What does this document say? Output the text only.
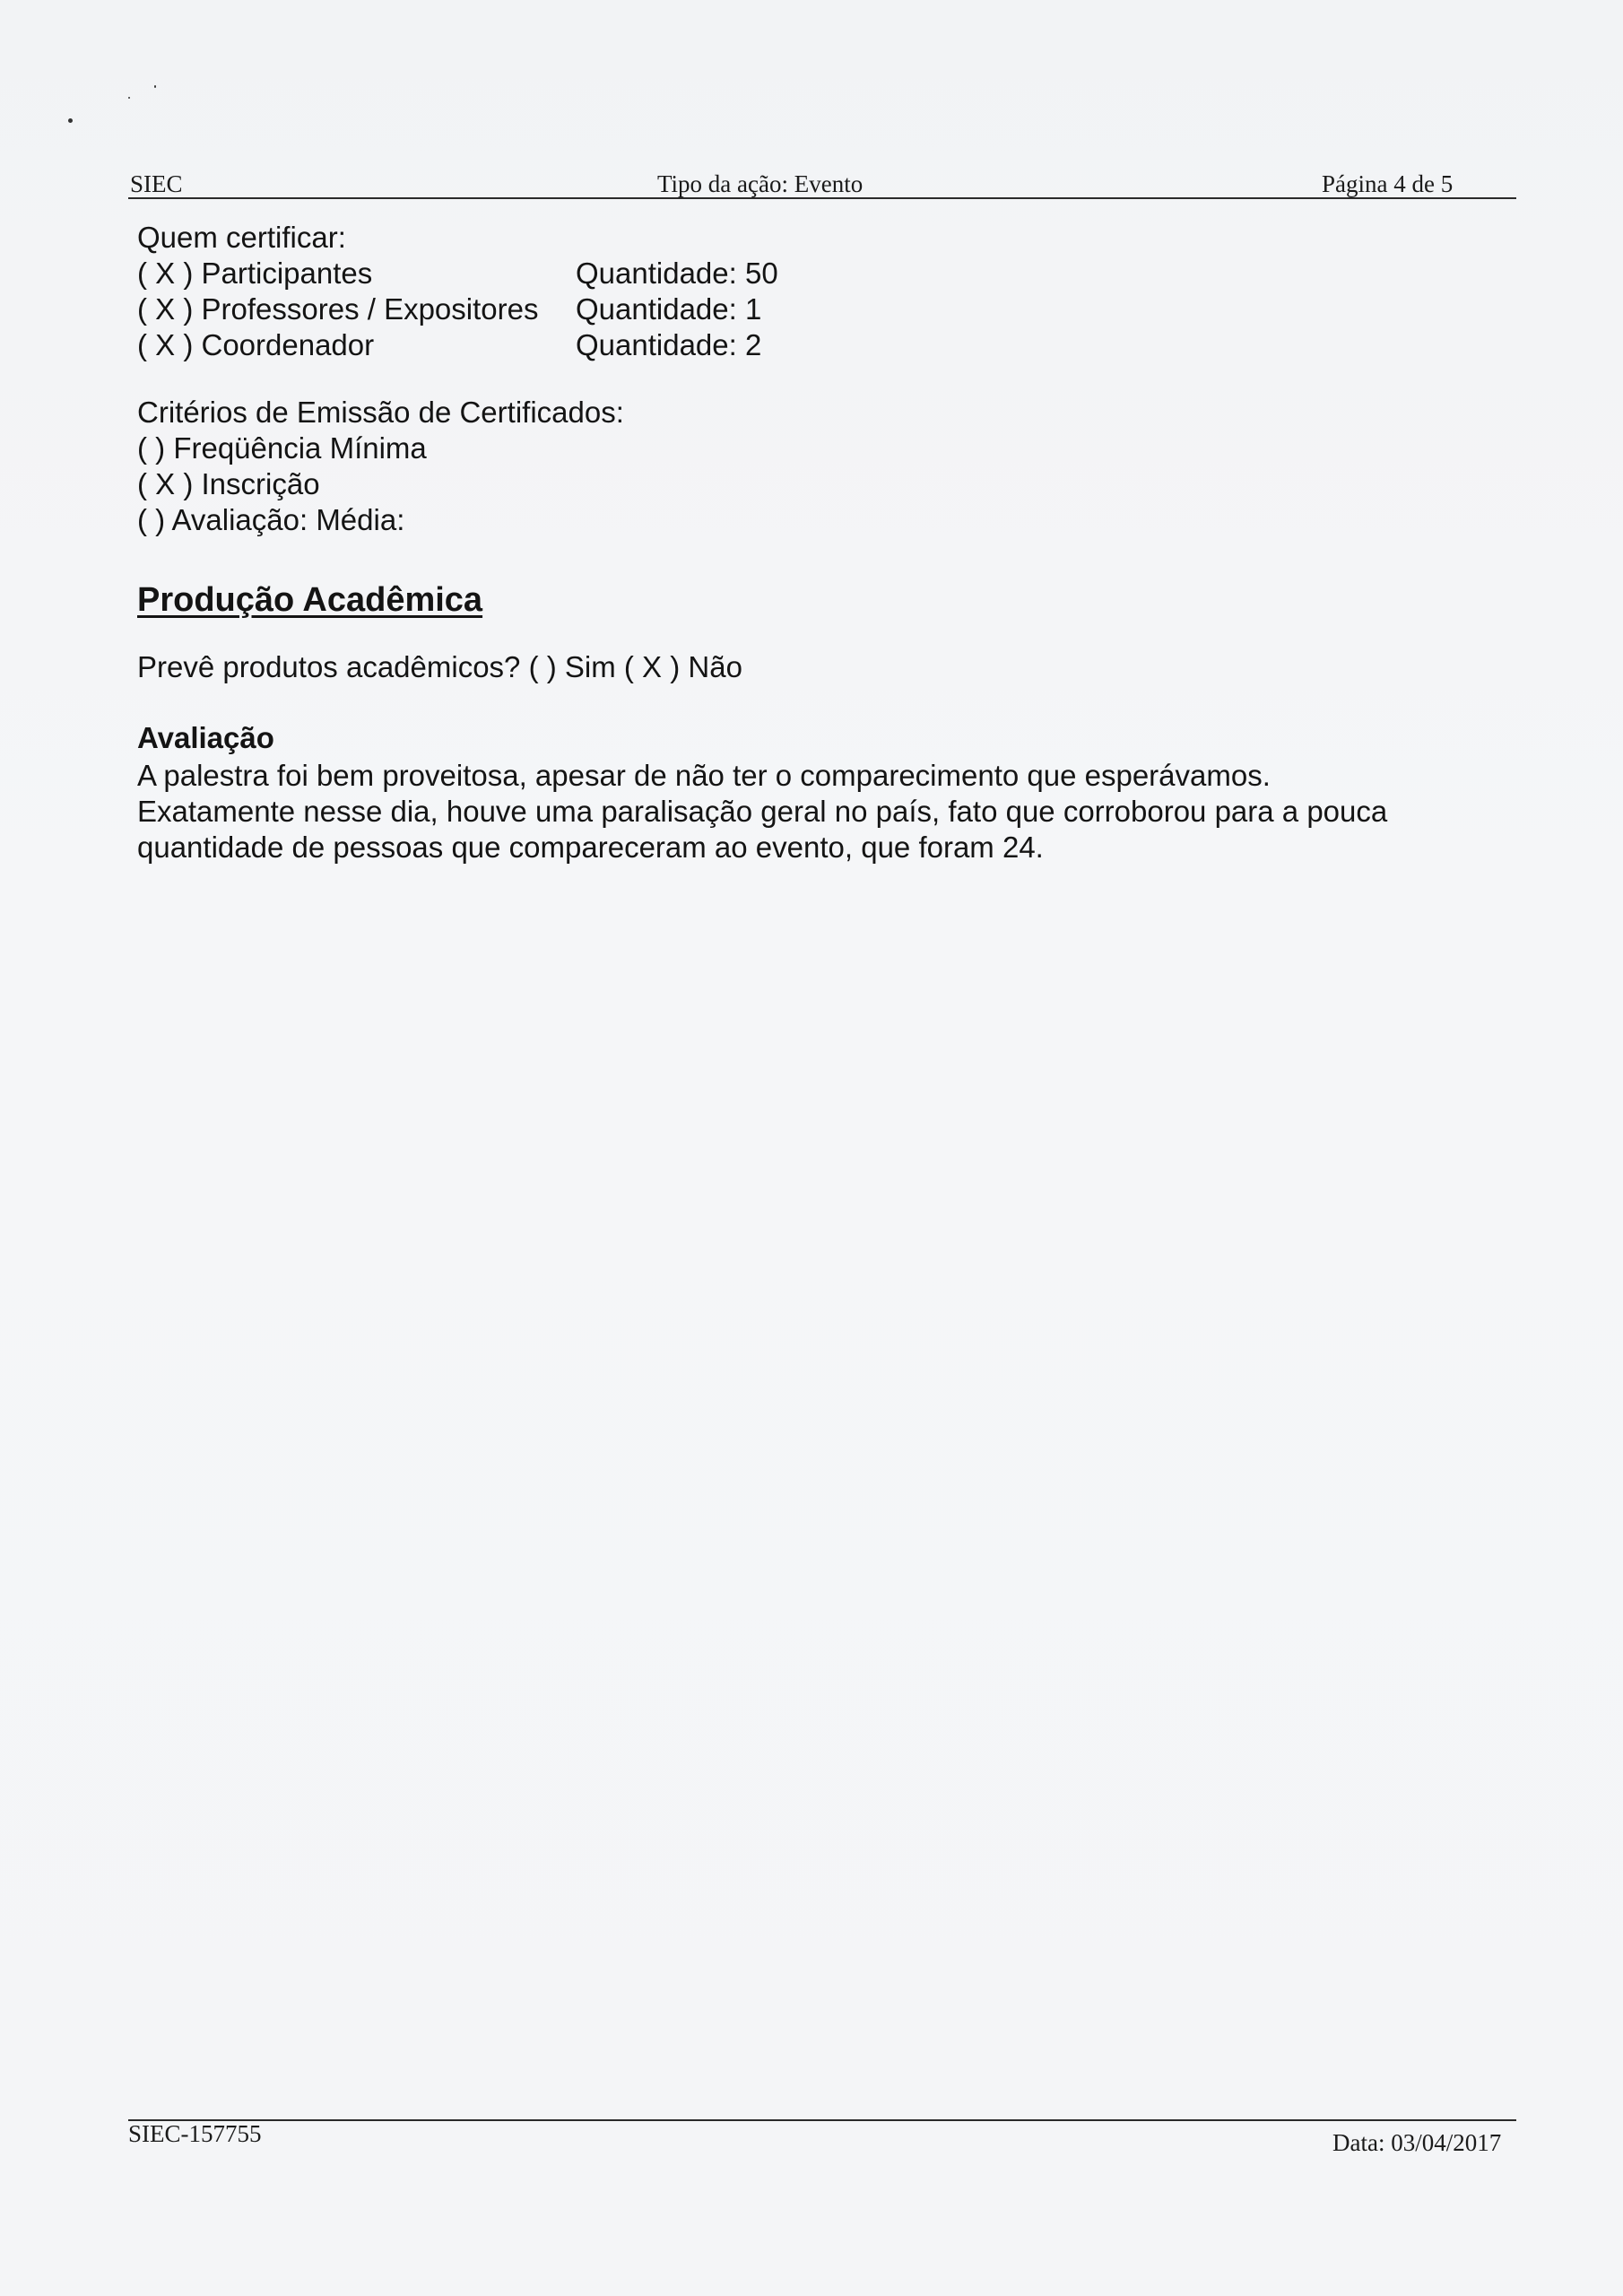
SIEC	Tipo da ação: Evento	Página 4 de 5
Quem certificar:
( X ) Participantes	Quantidade: 50
( X ) Professores / Expositores Quantidade: 1
( X ) Coordenador	Quantidade: 2
Critérios de Emissão de Certificados:
( ) Freqüência Mínima
( X ) Inscrição
( ) Avaliação: Média:
Produção Acadêmica
Prevê produtos acadêmicos? ( ) Sim ( X ) Não
Avaliação
A palestra foi bem proveitosa, apesar de não ter o comparecimento que esperávamos.
Exatamente nesse dia, houve uma paralisação geral no país, fato que corroborou para a pouca
quantidade de pessoas que compareceram ao evento, que foram 24.
SIEC-157755	Data: 03/04/2017
